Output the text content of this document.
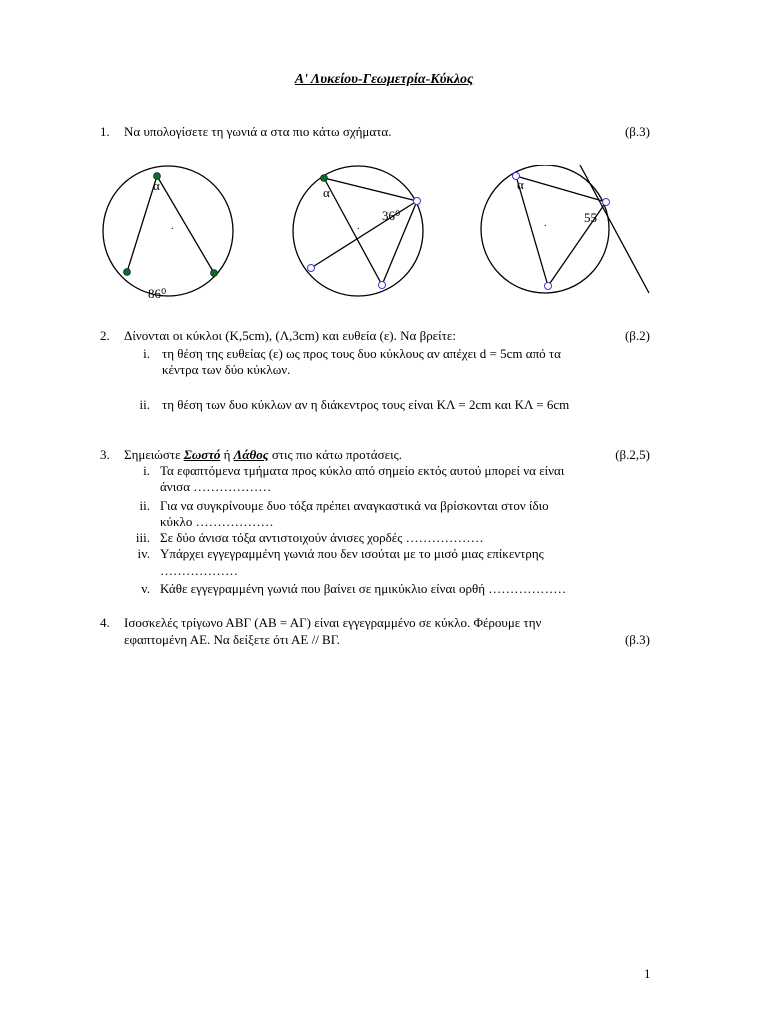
Α' Λυκείου-Γεωμετρία-Κύκλος
1.	Να υπολογίσετε τη γωνιά α στα πιο κάτω σχήματα.	(β.3)
.
α
86⁰
.
α
36⁰
.
α
55
2.	Δίνονται οι κύκλοι (Κ,5cm), (Λ,3cm) και ευθεία (ε). Να βρείτε:	(β.2)
i. τη θέση της ευθείας (ε) ως προς τους δυο κύκλους αν απέχει d = 5cm από τα
κέντρα των δύο κύκλων.
ii. τη θέση των δυο κύκλων αν η διάκεντρος τους είναι ΚΛ = 2cm και ΚΛ = 6cm
3.	Σημειώστε Σωστό ή Λάθος στις πιο κάτω προτάσεις.	(β.2,5)
i. Τα εφαπτόμενα τμήματα προς κύκλο από σημείο εκτός αυτού μπορεί να είναι
άνισα ………………
ii. Για να συγκρίνουμε δυο τόξα πρέπει αναγκαστικά να βρίσκονται στον ίδιο
κύκλο ………………
iii. Σε δύο άνισα τόξα αντιστοιχούν άνισες χορδές ………………
iv. Υπάρχει εγγεγραμμένη γωνιά που δεν ισούται με το μισό μιας επίκεντρης
………………
v. Κάθε εγγεγραμμένη γωνιά που βαίνει σε ημικύκλιο είναι ορθή ………………
4.	Ισοσκελές τρίγωνο ΑΒΓ (ΑΒ = ΑΓ) είναι εγγεγραμμένο σε κύκλο. Φέρουμε την
εφαπτομένη ΑΕ. Να δείξετε ότι ΑΕ // ΒΓ.	(β.3)
1
